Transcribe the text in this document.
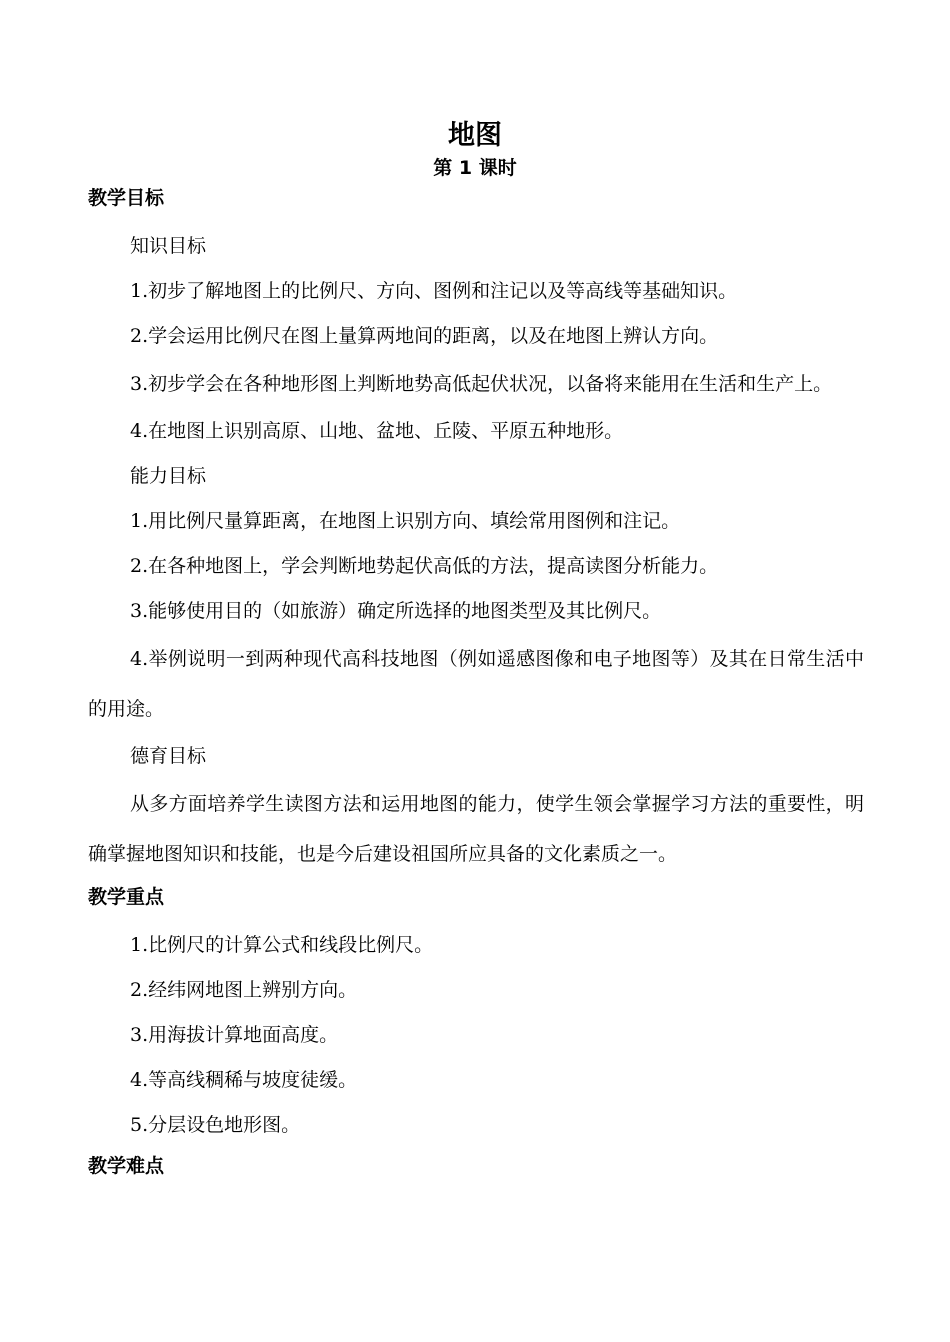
地图
第 1 课时
教学目标

知识目标

1.初步了解地图上的比例尺、方向、图例和注记以及等高线等基础知识。

2.学会运用比例尺在图上量算两地间的距离，以及在地图上辨认方向。

3.初步学会在各种地形图上判断地势高低起伏状况，以备将来能用在生活和生产上。

4.在地图上识别高原、山地、盆地、丘陵、平原五种地形。

能力目标

1.用比例尺量算距离，在地图上识别方向、填绘常用图例和注记。

2.在各种地图上，学会判断地势起伏高低的方法，提高读图分析能力。

3.能够使用目的（如旅游）确定所选择的地图类型及其比例尺。

4.举例说明一到两种现代高科技地图（例如遥感图像和电子地图等）及其在日常生活中的用途。

德育目标

从多方面培养学生读图方法和运用地图的能力，使学生领会掌握学习方法的重要性，明确掌握地图知识和技能，也是今后建设祖国所应具备的文化素质之一。

教学重点

1.比例尺的计算公式和线段比例尺。

2.经纬网地图上辨别方向。

3.用海拔计算地面高度。

4.等高线稠稀与坡度徒缓。

5.分层设色地形图。

教学难点
